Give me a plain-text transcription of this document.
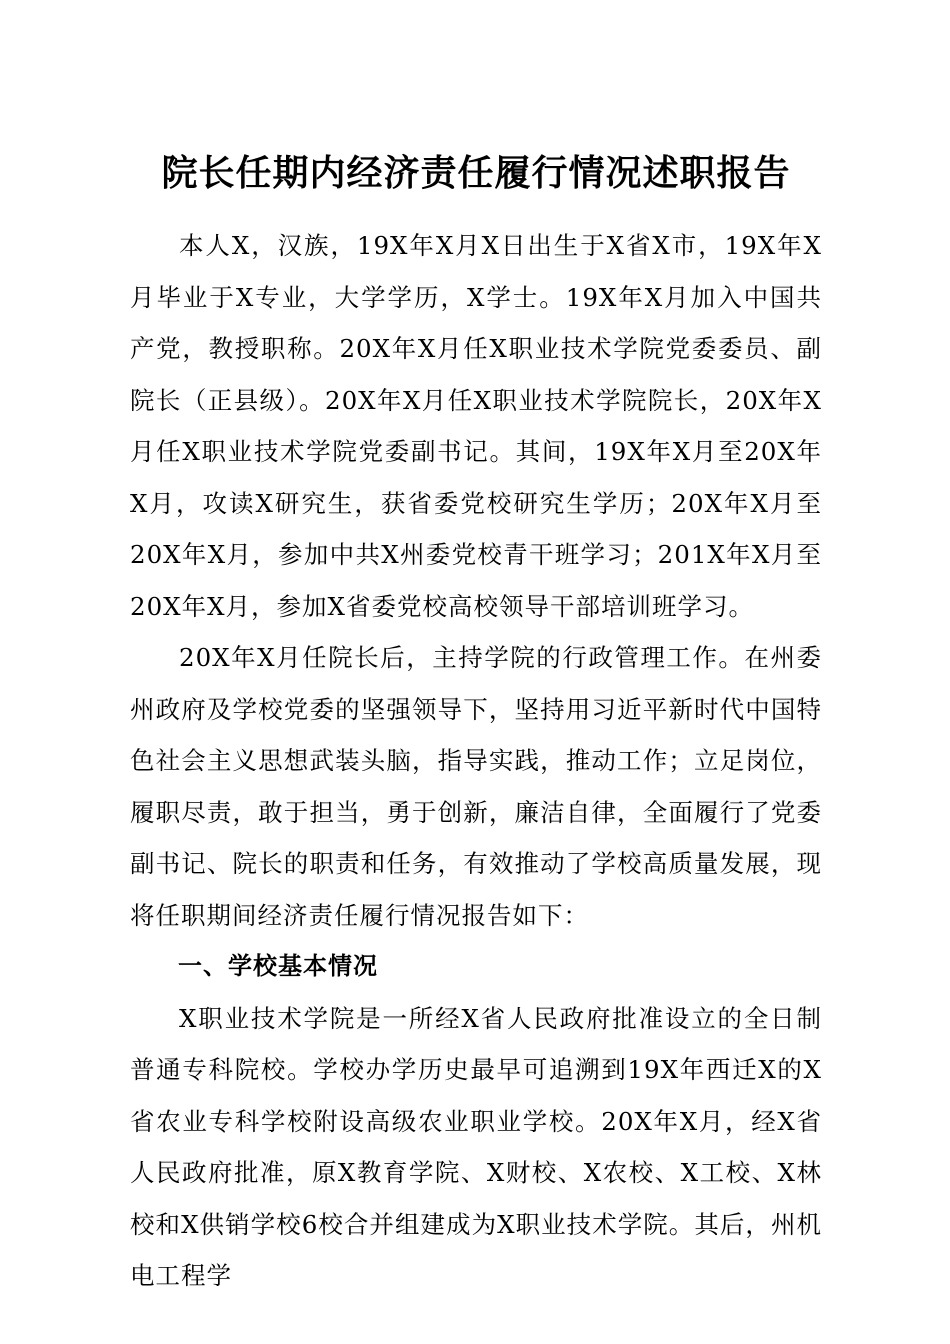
院长任期内经济责任履行情况述职报告

本人X，汉族，19X年X月X日出生于X省X市，19X年X月毕业于X专业，大学学历，X学士。19X年X月加入中国共产党，教授职称。20X年X月任X职业技术学院党委委员、副院长（正县级）。20X年X月任X职业技术学院院长，20X年X月任X职业技术学院党委副书记。其间，19X年X月至20X年X月，攻读X研究生，获省委党校研究生学历；20X年X月至20X年X月，参加中共X州委党校青干班学习；201X年X月至20X年X月，参加X省委党校高校领导干部培训班学习。

20X年X月任院长后，主持学院的行政管理工作。在州委州政府及学校党委的坚强领导下，坚持用习近平新时代中国特色社会主义思想武装头脑，指导实践，推动工作；立足岗位，履职尽责，敢于担当，勇于创新，廉洁自律，全面履行了党委副书记、院长的职责和任务，有效推动了学校高质量发展，现将任职期间经济责任履行情况报告如下：

一、学校基本情况

X职业技术学院是一所经X省人民政府批准设立的全日制普通专科院校。学校办学历史最早可追溯到19X年西迁X的X省农业专科学校附设高级农业职业学校。20X年X月，经X省人民政府批准，原X教育学院、X财校、X农校、X工校、X林校和X供销学校6校合并组建成为X职业技术学院。其后，州机电工程学
